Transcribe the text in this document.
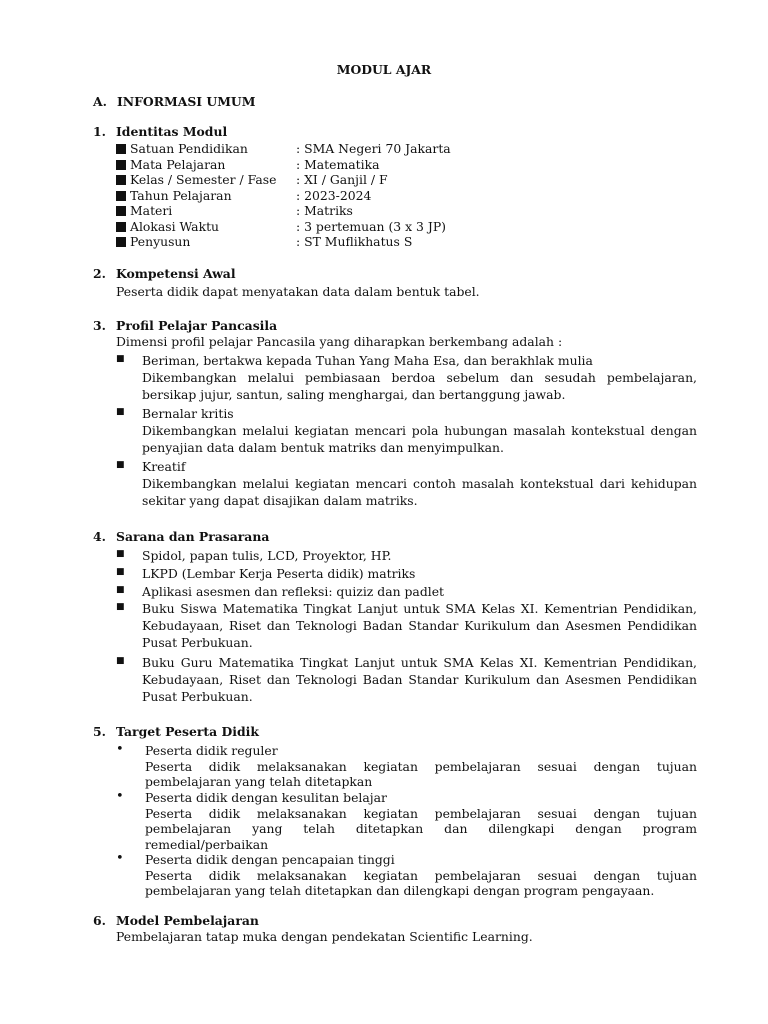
MODUL AJAR
A. INFORMASI UMUM
1. Identitas Modul
Satuan Pendidikan	: SMA Negeri 70 Jakarta
Mata Pelajaran	: Matematika
Kelas / Semester / Fase : XI / Ganjil / F
Tahun Pelajaran	: 2023-2024
Materi	: Matriks
Alokasi Waktu	: 3 pertemuan (3 x 3 JP)
Penyusun	: ST Muflikhatus S
2. Kompetensi Awal
Peserta didik dapat menyatakan data dalam bentuk tabel.
3. Profil Pelajar Pancasila
Dimensi profil pelajar Pancasila yang diharapkan berkembang adalah :
■ Beriman, bertakwa kepada Tuhan Yang Maha Esa, dan berakhlak mulia
Dikembangkan melalui pembiasaan berdoa sebelum dan sesudah pembelajaran, bersikap jujur, santun, saling menghargai, dan bertanggung jawab.
■ Bernalar kritis
Dikembangkan melalui kegiatan mencari pola hubungan masalah kontekstual dengan penyajian data dalam bentuk matriks dan menyimpulkan.
■ Kreatif
Dikembangkan melalui kegiatan mencari contoh masalah kontekstual dari kehidupan sekitar yang dapat disajikan dalam matriks.
4. Sarana dan Prasarana
■ Spidol, papan tulis, LCD, Proyektor, HP.
■ LKPD (Lembar Kerja Peserta didik) matriks
■ Aplikasi asesmen dan refleksi: quiziz dan padlet
■ Buku Siswa Matematika Tingkat Lanjut untuk SMA Kelas XI. Kementrian Pendidikan, Kebudayaan, Riset dan Teknologi Badan Standar Kurikulum dan Asesmen Pendidikan Pusat Perbukuan.
■ Buku Guru Matematika Tingkat Lanjut untuk SMA Kelas XI. Kementrian Pendidikan, Kebudayaan, Riset dan Teknologi Badan Standar Kurikulum dan Asesmen Pendidikan Pusat Perbukuan.
5. Target Peserta Didik
• Peserta didik reguler
Peserta didik melaksanakan kegiatan pembelajaran sesuai dengan tujuan pembelajaran yang telah ditetapkan
• Peserta didik dengan kesulitan belajar
Peserta didik melaksanakan kegiatan pembelajaran sesuai dengan tujuan pembelajaran yang telah ditetapkan dan dilengkapi dengan program remedial/perbaikan
• Peserta didik dengan pencapaian tinggi
Peserta didik melaksanakan kegiatan pembelajaran sesuai dengan tujuan pembelajaran yang telah ditetapkan dan dilengkapi dengan program pengayaan.
6. Model Pembelajaran
Pembelajaran tatap muka dengan pendekatan Scientific Learning.
